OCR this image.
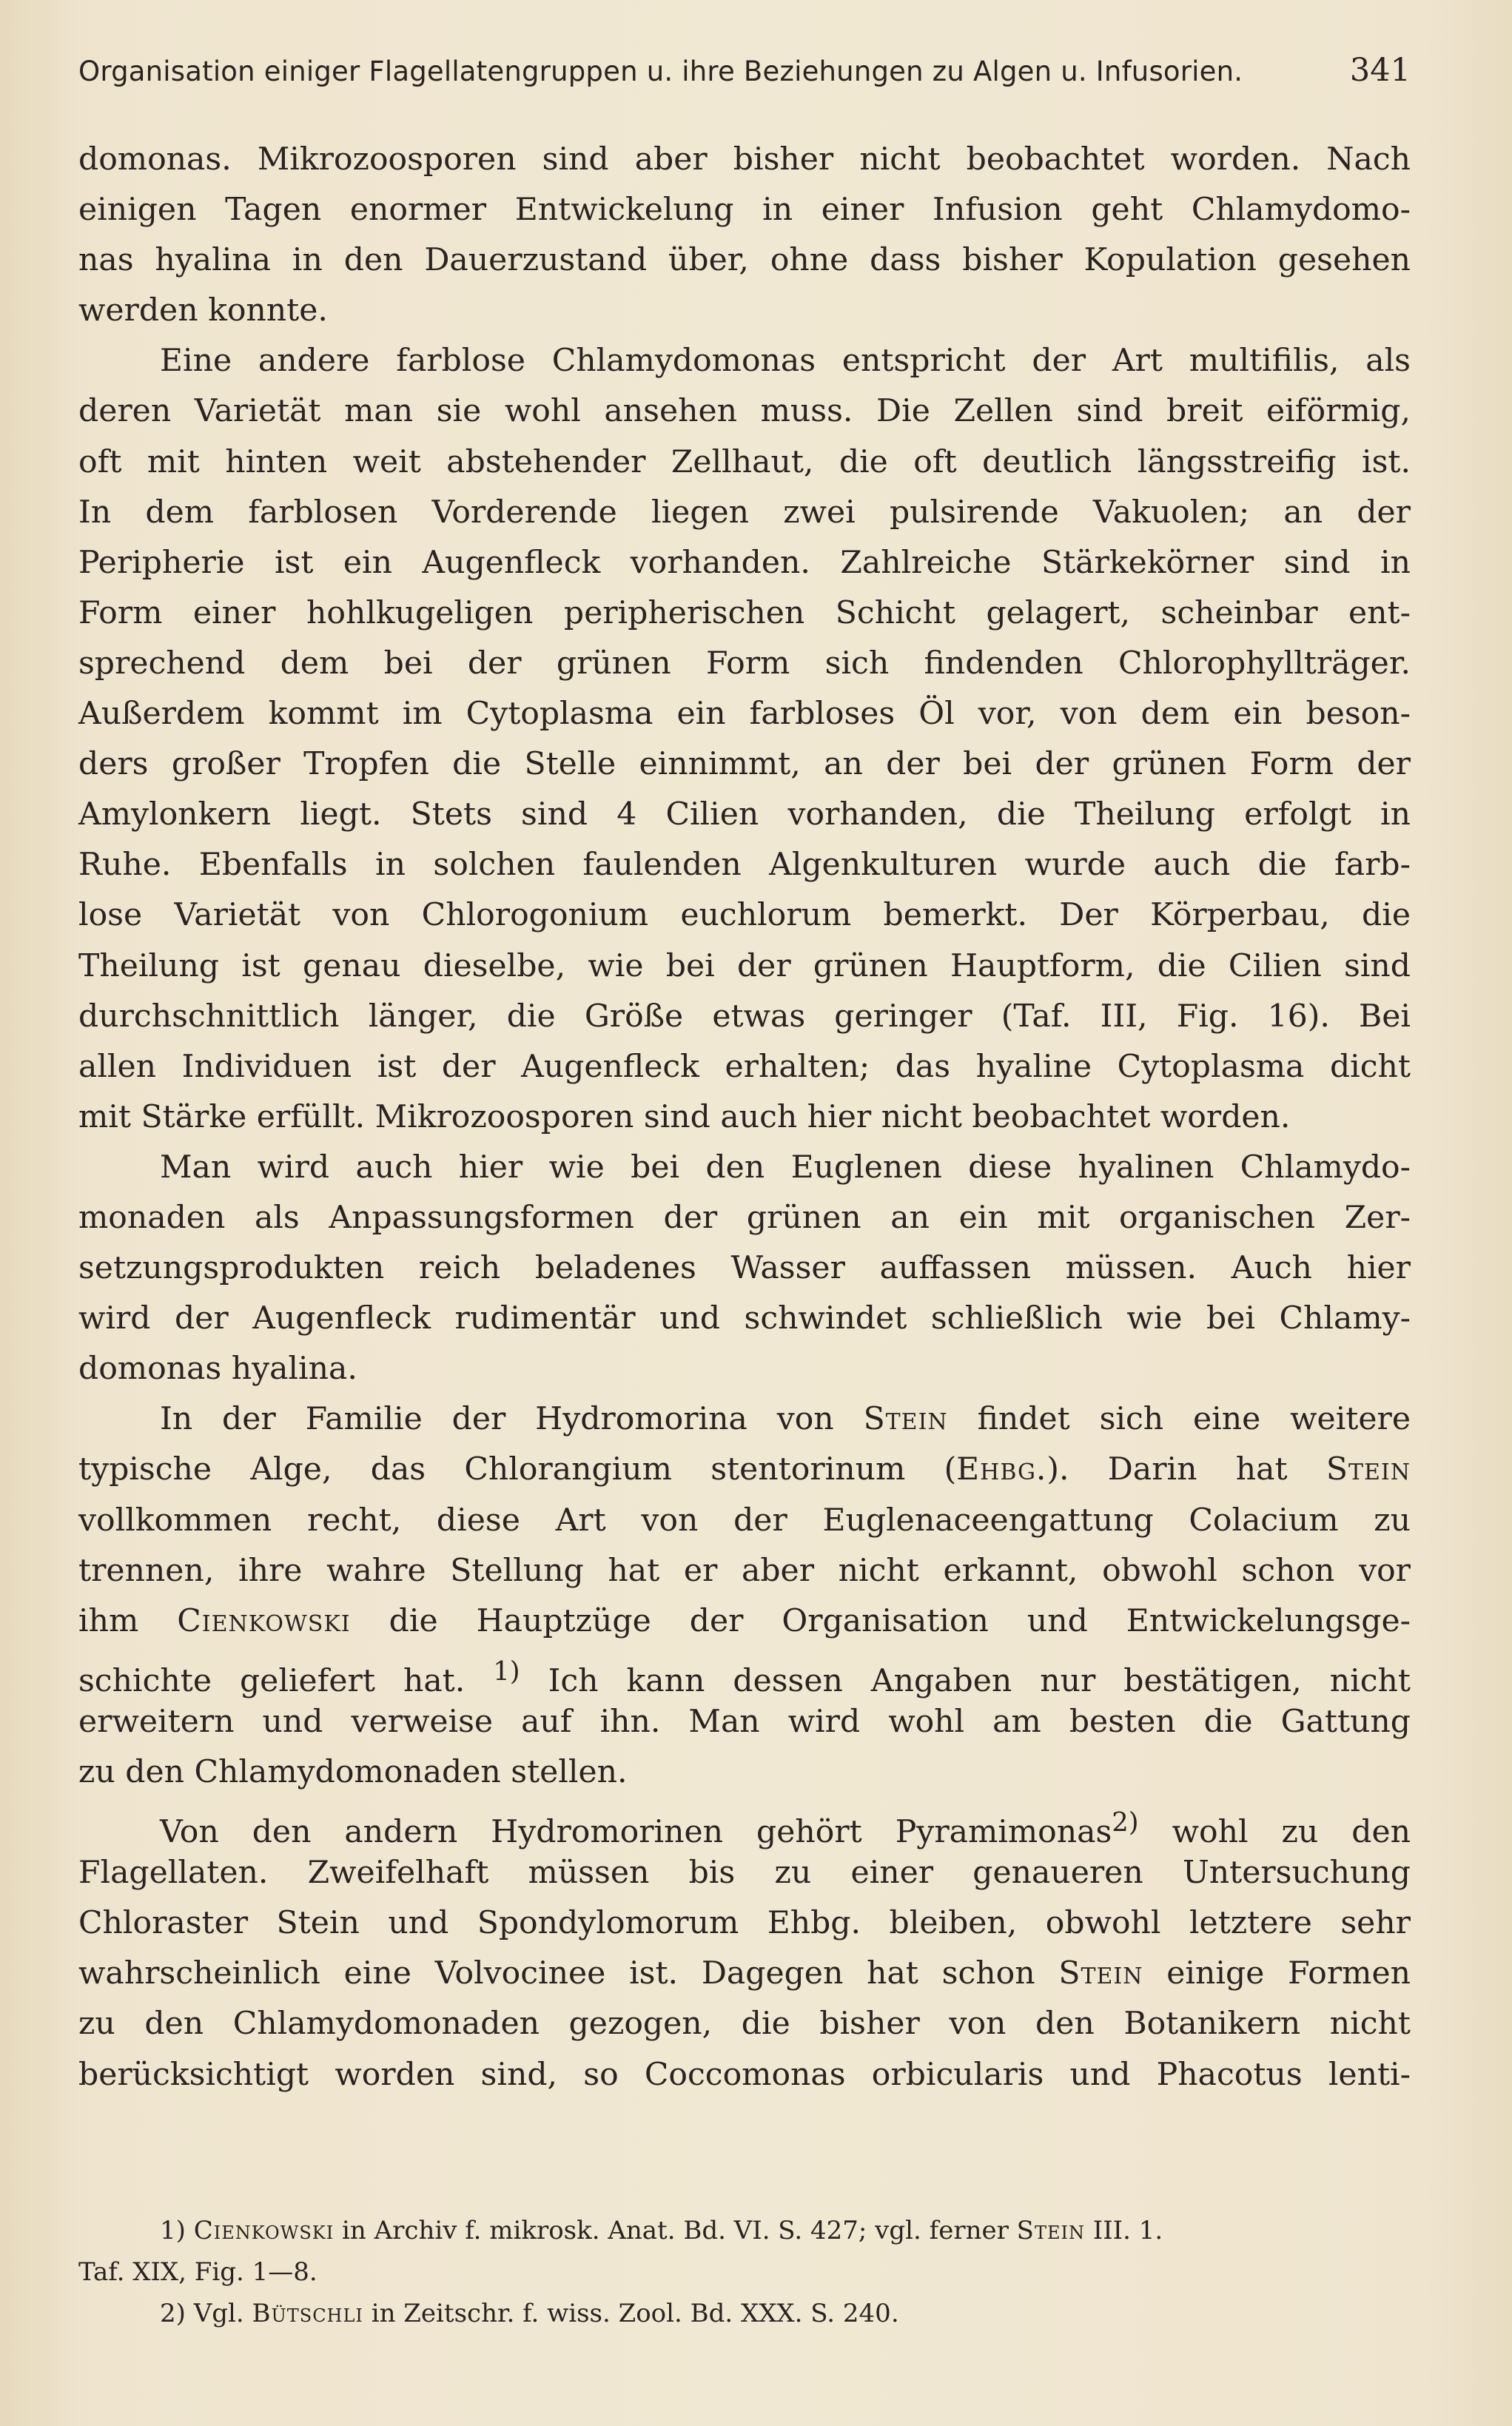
Organisation einiger Flagellatengruppen u. ihre Beziehungen zu Algen u. Infusorien.	341
domonas. Mikrozoosporen sind aber bisher nicht beobachtet worden. Nach
einigen Tagen enormer Entwickelung in einer Infusion geht Chlamydomo-
nas hyalina in den Dauerzustand über, ohne dass bisher Kopulation gesehen
werden konnte.
Eine andere farblose Chlamydomonas entspricht der Art multifilis, als
deren Varietät man sie wohl ansehen muss. Die Zellen sind breit eiförmig,
oft mit hinten weit abstehender Zellhaut, die oft deutlich längsstreifig ist.
In dem farblosen Vorderende liegen zwei pulsirende Vakuolen; an der
Peripherie ist ein Augenfleck vorhanden. Zahlreiche Stärkekörner sind in
Form einer hohlkugeligen peripherischen Schicht gelagert, scheinbar ent-
sprechend dem bei der grünen Form sich findenden Chlorophyllträger.
Außerdem kommt im Cytoplasma ein farbloses Öl vor, von dem ein beson-
ders großer Tropfen die Stelle einnimmt, an der bei der grünen Form der
Amylonkern liegt. Stets sind 4 Cilien vorhanden, die Theilung erfolgt in
Ruhe. Ebenfalls in solchen faulenden Algenkulturen wurde auch die farb-
lose Varietät von Chlorogonium euchlorum bemerkt. Der Körperbau, die
Theilung ist genau dieselbe, wie bei der grünen Hauptform, die Cilien sind
durchschnittlich länger, die Größe etwas geringer (Taf. III, Fig. 16). Bei
allen Individuen ist der Augenfleck erhalten; das hyaline Cytoplasma dicht
mit Stärke erfüllt. Mikrozoosporen sind auch hier nicht beobachtet worden.
Man wird auch hier wie bei den Euglenen diese hyalinen Chlamydo-
monaden als Anpassungsformen der grünen an ein mit organischen Zer-
setzungsprodukten reich beladenes Wasser auffassen müssen. Auch hier
wird der Augenfleck rudimentär und schwindet schließlich wie bei Chlamy-
domonas hyalina.
In der Familie der Hydromorina von Stein findet sich eine weitere
typische Alge, das Chlorangium stentorinum (Ehbg.). Darin hat Stein
vollkommen recht, diese Art von der Euglenaceengattung Colacium zu
trennen, ihre wahre Stellung hat er aber nicht erkannt, obwohl schon vor
ihm Cienkowski die Hauptzüge der Organisation und Entwickelungsge-
schichte geliefert hat. $^{1)}$ Ich kann dessen Angaben nur bestätigen, nicht
erweitern und verweise auf ihn. Man wird wohl am besten die Gattung
zu den Chlamydomonaden stellen.
Von den andern Hydromorinen gehört Pyramimonas$^{2)}$ wohl zu den
Flagellaten. Zweifelhaft müssen bis zu einer genaueren Untersuchung
Chloraster Stein und Spondylomorum Ehbg. bleiben, obwohl letztere sehr
wahrscheinlich eine Volvocinee ist. Dagegen hat schon Stein einige Formen
zu den Chlamydomonaden gezogen, die bisher von den Botanikern nicht
berücksichtigt worden sind, so Coccomonas orbicularis und Phacotus lenti-
1) Cienkowski in Archiv f. mikrosk. Anat. Bd. VI. S. 427; vgl. ferner Stein III. 1.
Taf. XIX, Fig. 1—8.
2) Vgl. Bütschli in Zeitschr. f. wiss. Zool. Bd. XXX. S. 240.
